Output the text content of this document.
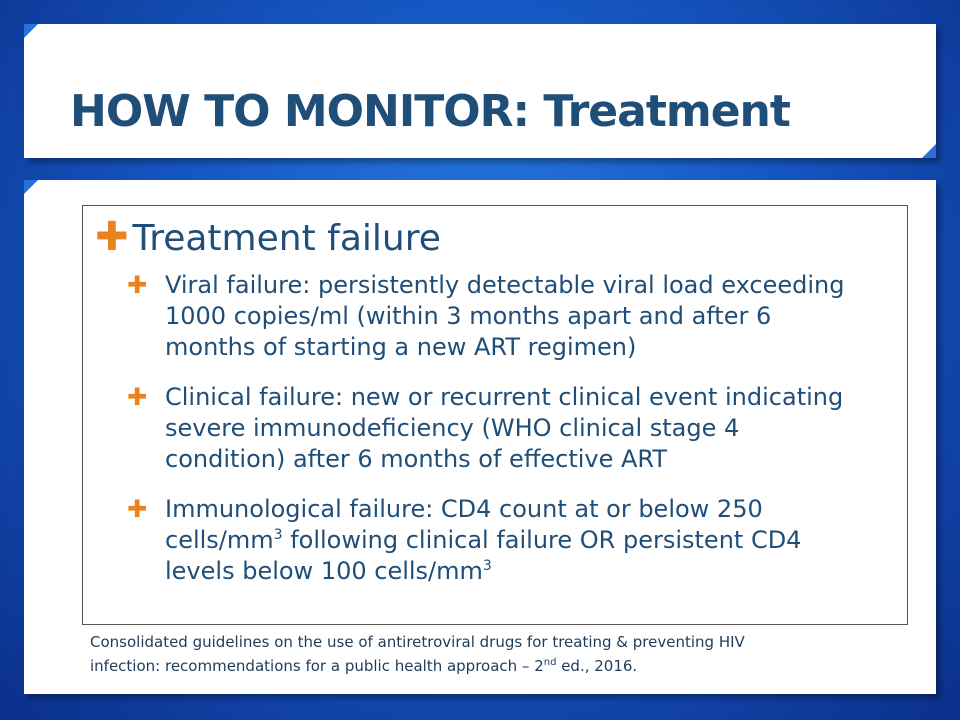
HOW TO MONITOR: Treatment
✚ Treatment failure
✚ Viral failure: persistently detectable viral load exceeding 1000 copies/ml (within 3 months apart and after 6 months of starting a new ART regimen)
✚ Clinical failure: new or recurrent clinical event indicating severe immunodeficiency (WHO clinical stage 4 condition) after 6 months of effective ART
✚ Immunological failure: CD4 count at or below 250 cells/$mm^3$ following clinical failure OR persistent CD4 levels below 100 cells/$mm^3$
Consolidated guidelines on the use of antiretroviral drugs for treating & preventing HIV
infection: recommendations for a public health approach – 2nd ed., 2016.
